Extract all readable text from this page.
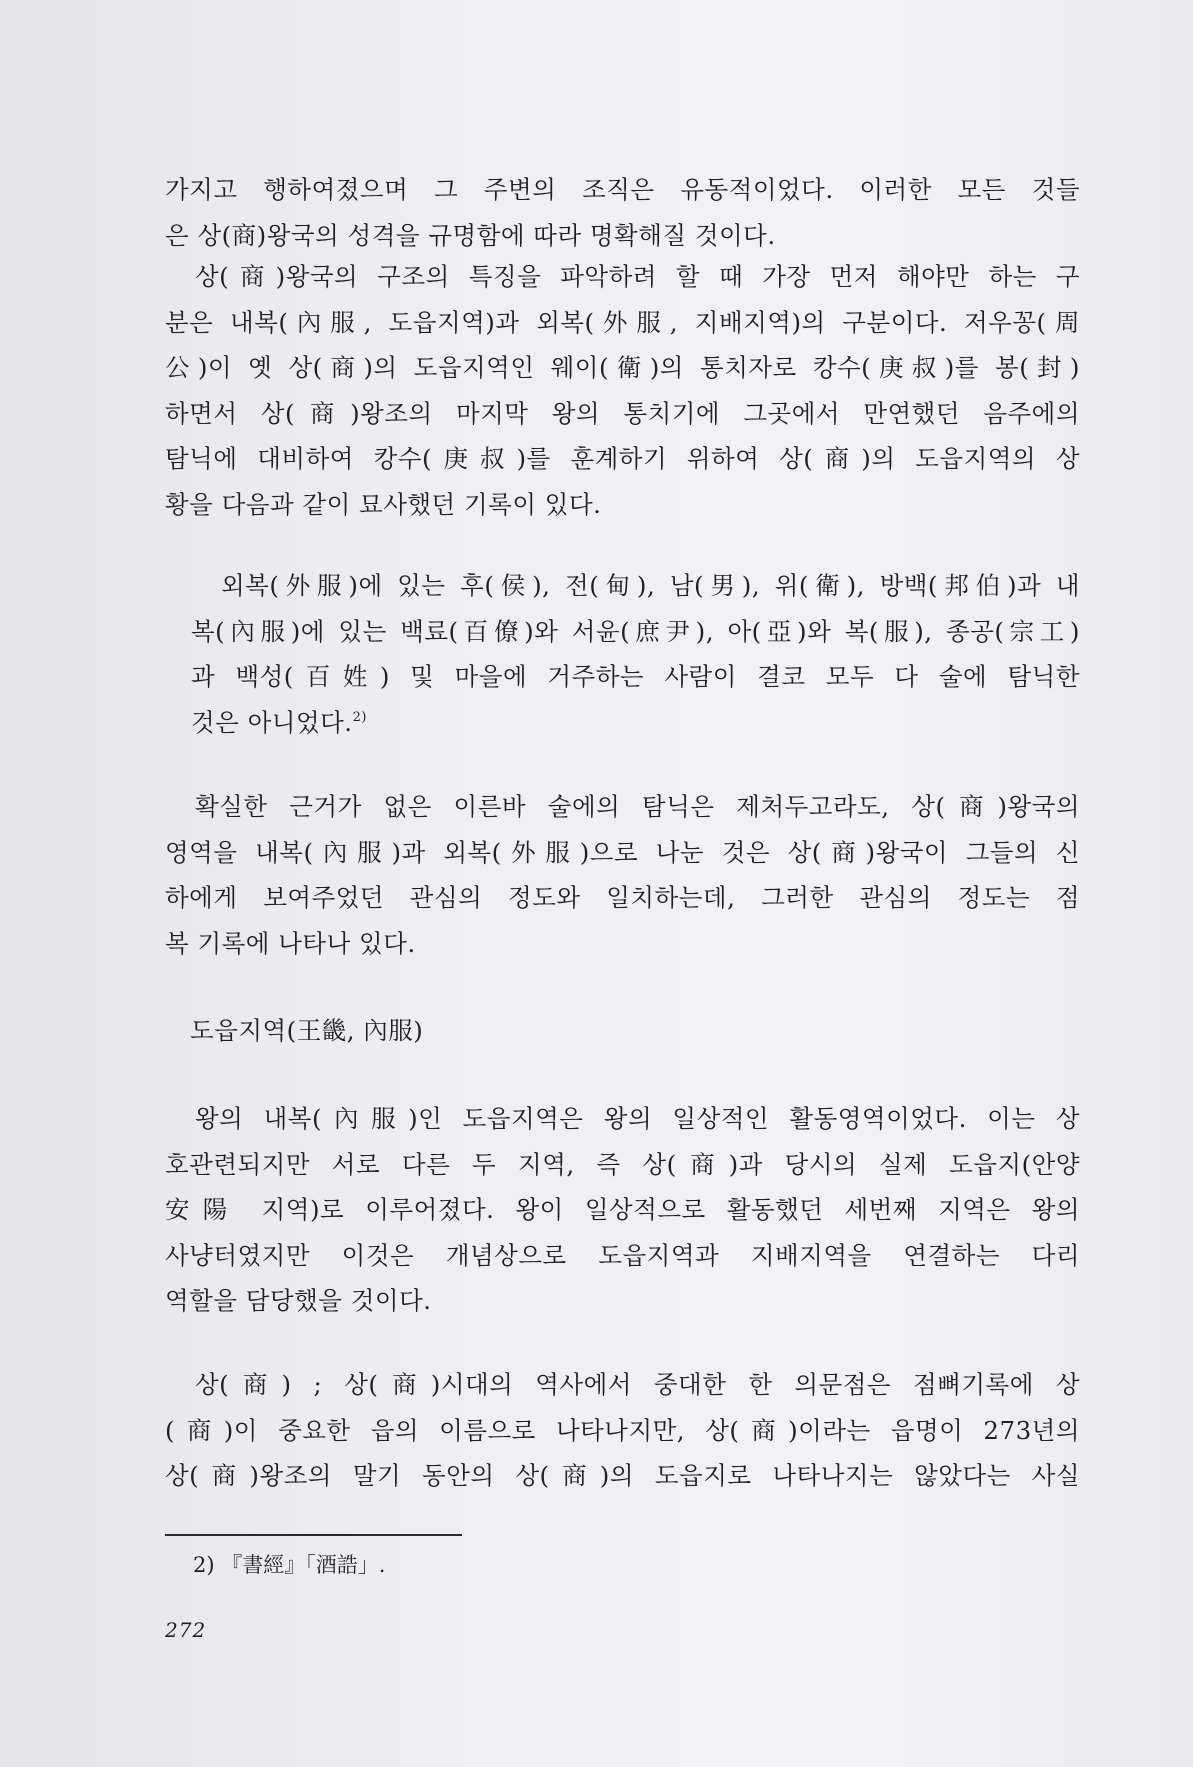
가지고 행하여졌으며 그 주변의 조직은 유동적이었다. 이러한 모든 것들
은 상(商)왕국의 성격을 규명함에 따라 명확해질 것이다.
상(商)왕국의 구조의 특징을 파악하려 할 때 가장 먼저 해야만 하는 구
분은 내복(內服, 도읍지역)과 외복(外服, 지배지역)의 구분이다. 저우꽁(周
公)이 옛 상(商)의 도읍지역인 웨이(衛)의 통치자로 캉수(庚叔)를 봉(封)
하면서 상(商)왕조의 마지막 왕의 통치기에 그곳에서 만연했던 음주에의
탐닉에 대비하여 캉수(庚叔)를 훈계하기 위하여 상(商)의 도읍지역의 상
황을 다음과 같이 묘사했던 기록이 있다.
외복(外服)에 있는 후(侯), 전(甸), 남(男), 위(衛), 방백(邦伯)과 내
복(內服)에 있는 백료(百僚)와 서윤(庶尹), 아(亞)와 복(服), 종공(宗工)
과 백성(百姓) 및 마을에 거주하는 사람이 결코 모두 다 술에 탐닉한
것은 아니었다.$^{2)}$
확실한 근거가 없은 이른바 술에의 탐닉은 제처두고라도, 상(商)왕국의
영역을 내복(內服)과 외복(外服)으로 나눈 것은 상(商)왕국이 그들의 신
하에게 보여주었던 관심의 정도와 일치하는데, 그러한 관심의 정도는 점
복 기록에 나타나 있다.
도읍지역(王畿, 內服)
왕의 내복(內服)인 도읍지역은 왕의 일상적인 활동영역이었다. 이는 상
호관련되지만 서로 다른 두 지역, 즉 상(商)과 당시의 실제 도읍지(안양
安陽 지역)로 이루어졌다. 왕이 일상적으로 활동했던 세번째 지역은 왕의
사냥터였지만 이것은 개념상으로 도읍지역과 지배지역을 연결하는 다리
역할을 담당했을 것이다.
상(商) ; 상(商)시대의 역사에서 중대한 한 의문점은 점뼈기록에 상
(商)이 중요한 읍의 이름으로 나타나지만, 상(商)이라는 읍명이 273년의
상(商)왕조의 말기 동안의 상(商)의 도읍지로 나타나지는 않았다는 사실
2) 『書經』「酒誥」.
272
